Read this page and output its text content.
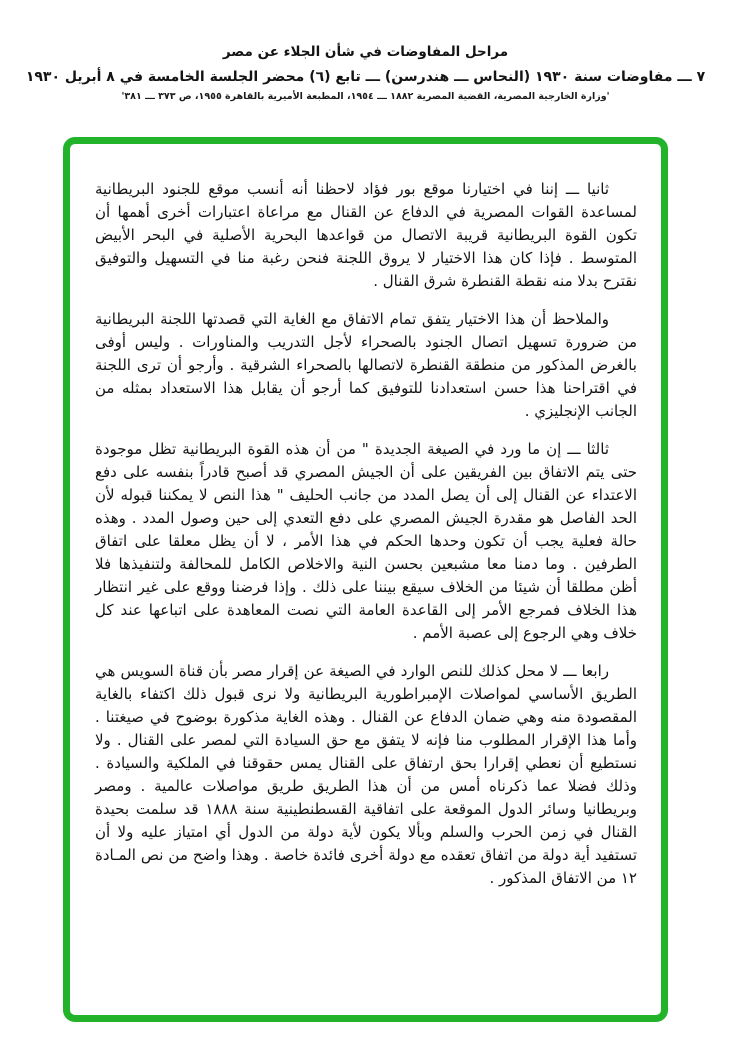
مراحل المفاوضات في شأن الجلاء عن مصر
٧ ـــ مفاوضات سنة ١٩٣٠ (النحاس ـــ هندرسن) ـــ تابع (٦) محضر الجلسة الخامسة في ٨ أبريل ١٩٣٠
'وزارة الخارجية المصرية، القضية المصرية ١٨٨٢ ـــ ١٩٥٤، المطبعة الأميرية بالقاهرة ١٩٥٥، ص ٣٧٣ ـــ ٣٨١'

ثانيا ـــ إننا في اختيارنا موقع بور فؤاد لاحظنا أنه أنسب موقع للجنود البريطانية لمساعدة القوات المصرية في الدفاع عن القنال مع مراعاة اعتبارات أخرى أهمها أن تكون القوة البريطانية قريبة الاتصال من قواعدها البحرية الأصلية في البحر الأبيض المتوسط . فإذا كان هذا الاختيار لا يروق اللجنة فنحن رغبة منا في التسهيل والتوفيق نقترح بدلا منه نقطة القنطرة شرق القنال .

والملاحظ أن هذا الاختيار يتفق تمام الاتفاق مع الغاية التي قصدتها اللجنة البريطانية من ضرورة تسهيل اتصال الجنود بالصحراء لأجل التدريب والمناورات . وليس أوفى بالغرض المذكور من منطقة القنطرة لاتصالها بالصحراء الشرقية . وأرجو أن ترى اللجنة في اقتراحنا هذا حسن استعدادنا للتوفيق كما أرجو أن يقابل هذا الاستعداد بمثله من الجانب الإنجليزي .

ثالثا ـــ إن ما ورد في الصيغة الجديدة " من أن هذه القوة البريطانية تظل موجودة حتى يتم الاتفاق بين الفريقين على أن الجيش المصري قد أصبح قادراً بنفسه على دفع الاعتداء عن القنال إلى أن يصل المدد من جانب الحليف " هذا النص لا يمكننا قبوله لأن الحد الفاصل هو مقدرة الجيش المصري على دفع التعدي إلى حين وصول المدد . وهذه حالة فعلية يجب أن تكون وحدها الحكم في هذا الأمر ، لا أن يظل معلقا على اتفاق الطرفين . وما دمنا معا مشبعين بحسن النية والاخلاص الكامل للمحالفة ولتنفيذها فلا أظن مطلقا أن شيئا من الخلاف سيقع بيننا على ذلك . وإذا فرضنا ووقع على غير انتظار هذا الخلاف فمرجع الأمر إلى القاعدة العامة التي نصت المعاهدة على اتباعها عند كل خلاف وهي الرجوع إلى عصبة الأمم .

رابعا ـــ لا محل كذلك للنص الوارد في الصيغة عن إقرار مصر بأن قناة السويس هي الطريق الأساسي لمواصلات الإمبراطورية البريطانية ولا نرى قبول ذلك اكتفاء بالغاية المقصودة منه وهي ضمان الدفاع عن القنال . وهذه الغاية مذكورة بوضوح في صيغتنا . وأما هذا الإقرار المطلوب منا فإنه لا يتفق مع حق السيادة التي لمصر على القنال . ولا نستطيع أن نعطي إقرارا بحق ارتفاق على القنال يمس حقوقنا في الملكية والسيادة . وذلك فضلا عما ذكرناه أمس من أن هذا الطريق طريق مواصلات عالمية . ومصر وبريطانيا وسائر الدول الموقعة على اتفاقية القسطنطينية سنة ١٨٨٨ قد سلمت بحيدة القنال في زمن الحرب والسلم وبألا يكون لأية دولة من الدول أي امتياز عليه ولا أن تستفيد أية دولة من اتفاق تعقده مع دولة أخرى فائدة خاصة . وهذا واضح من نص المـادة ١٢ من الاتفاق المذكور .
